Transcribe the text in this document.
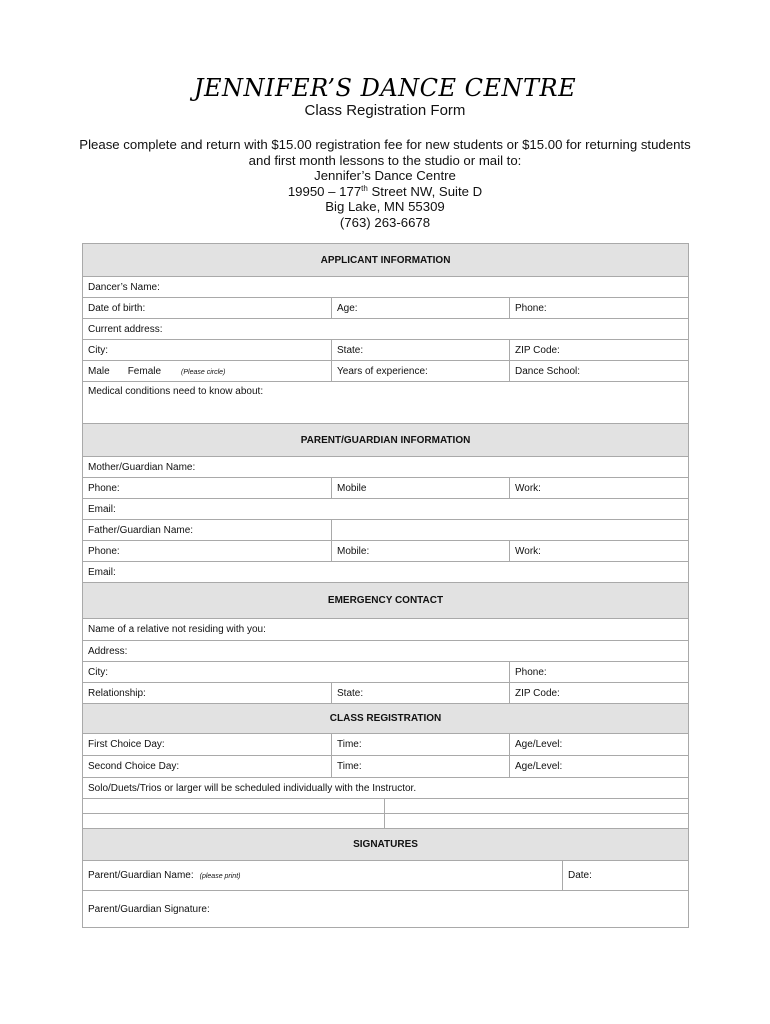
JENNIFER’S DANCE CENTRE
Class Registration Form
Please complete and return with $15.00 registration fee for new students or $15.00 for returning students
and first month lessons to the studio or mail to:
Jennifer’s Dance Centre
19950 – 177th Street NW, Suite D
Big Lake, MN 55309
(763) 263-6678
APPLICANT INFORMATION				
Dancer’s Name:				
Date of birth:	Age:		Phone:	
Current address:				
City:	State:		ZIP Code:	
Male Female (Please circle)	Years of experience:		Dance School:	
Medical conditions need to know about:				
PARENT/GUARDIAN INFORMATION				
Mother/Guardian Name:				
Phone:	Mobile		Work:	
Email:				
Father/Guardian Name:				
Phone:	Mobile:		Work:	
Email:				
EMERGENCY CONTACT				
Name of a relative not residing with you:				
Address:				
City:			Phone:	
Relationship:	State:		ZIP Code:	
CLASS REGISTRATION				
First Choice Day:	Time:		Age/Level:	
Second Choice Day:	Time:		Age/Level:	
Solo/Duets/Trios or larger will be scheduled individually with the Instructor.				

SIGNATURES				
Parent/Guardian Name: (please print)				Date:
Parent/Guardian Signature:				
